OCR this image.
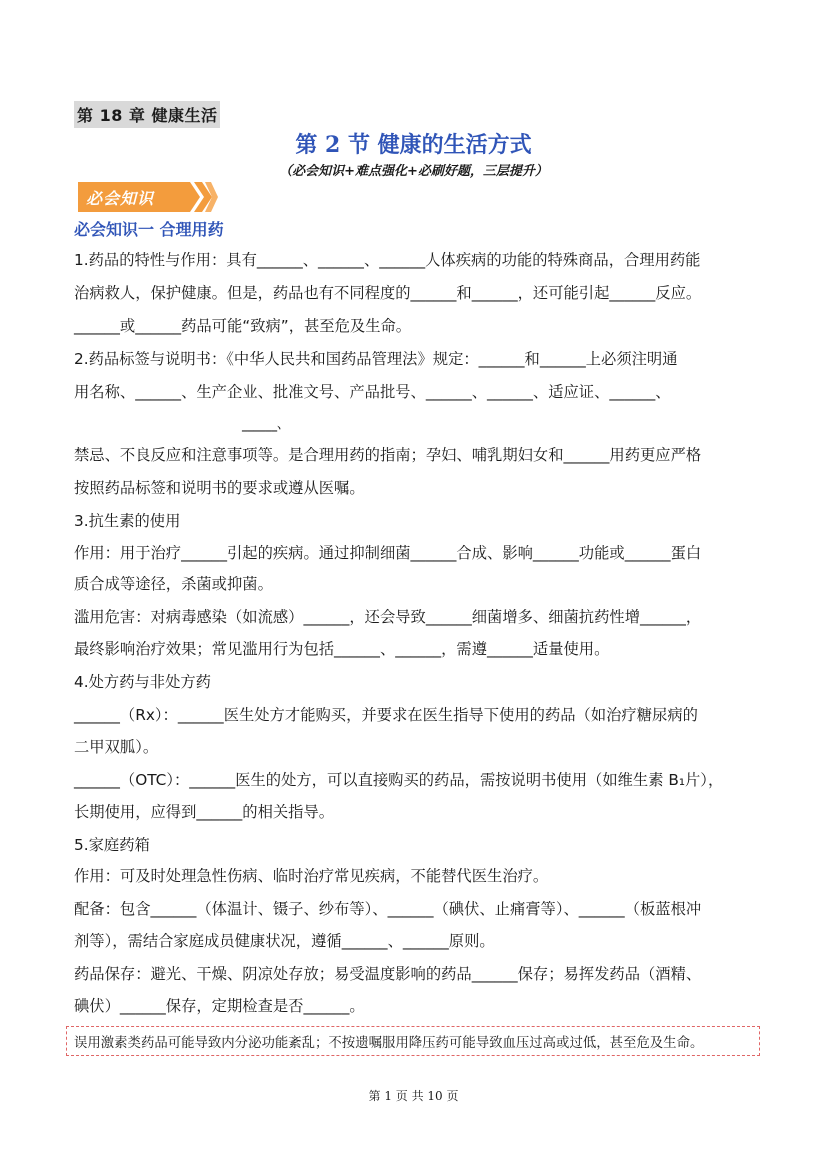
第 18 章 健康生活
第 2 节 健康的生活方式
（必会知识+难点强化+必刷好题，三层提升）
必会知识
必会知识一 合理用药
1.药品的特性与作用：具有______、______、______人体疾病的功能的特殊商品，合理用药能
治病救人，保护健康。但是，药品也有不同程度的______和______，还可能引起______反应。
______或______药品可能“致病”，甚至危及生命。
2.药品标签与说明书：《中华人民共和国药品管理法》规定：______和______上必须注明通
用名称、______、生产企业、批准文号、产品批号、______、______、适应证、______、
______、
禁忌、不良反应和注意事项等。是合理用药的指南；孕妇、哺乳期妇女和______用药更应严格
按照药品标签和说明书的要求或遵从医嘱。
3.抗生素的使用
作用：用于治疗______引起的疾病。通过抑制细菌______合成、影响______功能或______蛋白
质合成等途径，杀菌或抑菌。
滥用危害：对病毒感染（如流感）______，还会导致______细菌增多、细菌抗药性增______，
最终影响治疗效果；常见滥用行为包括______、______，需遵______适量使用。
4.处方药与非处方药
______（Rx）：______医生处方才能购买，并要求在医生指导下使用的药品（如治疗糖尿病的
二甲双胍）。
______（OTC）：______医生的处方，可以直接购买的药品，需按说明书使用（如维生素 B₁片），
长期使用，应得到______的相关指导。
5.家庭药箱
作用：可及时处理急性伤病、临时治疗常见疾病，不能替代医生治疗。
配备：包含______（体温计、镊子、纱布等）、______（碘伏、止痛膏等）、______（板蓝根冲
剂等），需结合家庭成员健康状况，遵循______、______原则。
药品保存：避光、干燥、阴凉处存放；易受温度影响的药品______保存；易挥发药品（酒精、
碘伏）______保存，定期检查是否______。
误用激素类药品可能导致内分泌功能紊乱；不按遗嘱服用降压药可能导致血压过高或过低，甚至危及生命。
第 1 页 共 10 页
